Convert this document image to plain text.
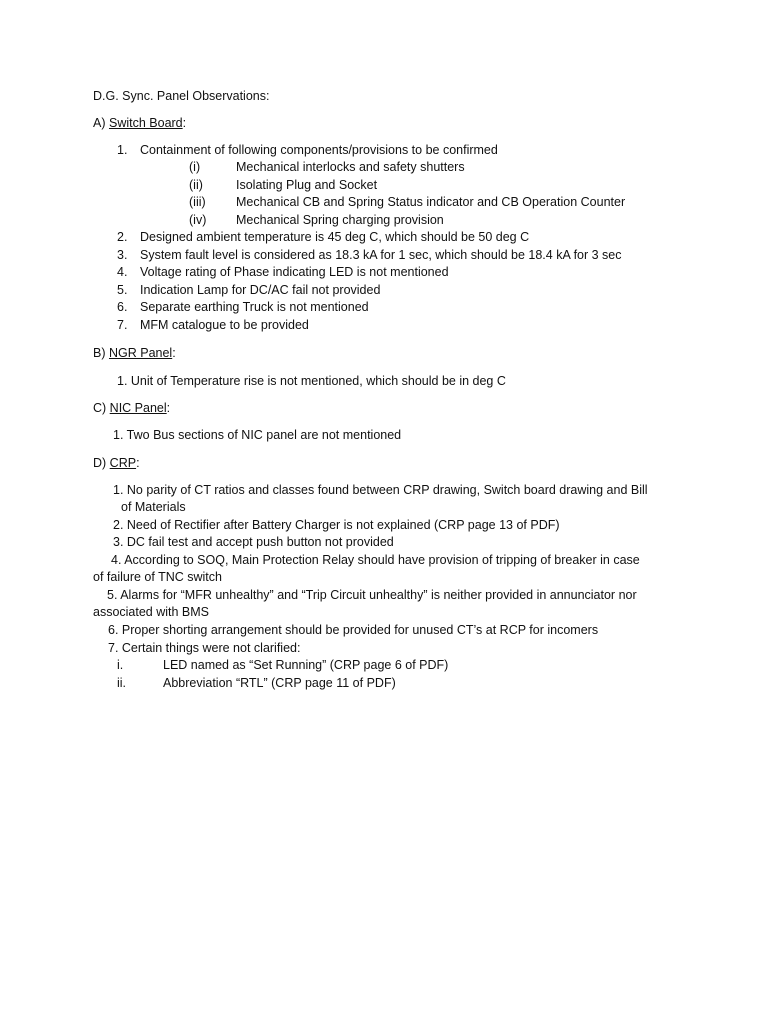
D.G. Sync. Panel Observations:
A) Switch Board:
1. Containment of following components/provisions to be confirmed
(i)	Mechanical interlocks and safety shutters
(ii)	Isolating Plug and Socket
(iii) Mechanical CB and Spring Status indicator and CB Operation Counter
(iv) Mechanical Spring charging provision
2. Designed ambient temperature is 45 deg C, which should be 50 deg C
3. System fault level is considered as 18.3 kA for 1 sec, which should be 18.4 kA for 3 sec
4. Voltage rating of Phase indicating LED is not mentioned
5. Indication Lamp for DC/AC fail not provided
6. Separate earthing Truck is not mentioned
7. MFM catalogue to be provided
B) NGR Panel:
1. Unit of Temperature rise is not mentioned, which should be in deg C
C) NIC Panel:
1. Two Bus sections of NIC panel are not mentioned
D) CRP:
1. No parity of CT ratios and classes found between CRP drawing, Switch board drawing and Bill
of Materials
2. Need of Rectifier after Battery Charger is not explained (CRP page 13 of PDF)
3. DC fail test and accept push button not provided
4. According to SOQ, Main Protection Relay should have provision of tripping of breaker in case
of failure of TNC switch
5. Alarms for “MFR unhealthy” and “Trip Circuit unhealthy” is neither provided in annunciator nor
associated with BMS
6. Proper shorting arrangement should be provided for unused CT’s at RCP for incomers
7. Certain things were not clarified:
i.	LED named as “Set Running” (CRP page 6 of PDF)
ii.	Abbreviation “RTL” (CRP page 11 of PDF)
